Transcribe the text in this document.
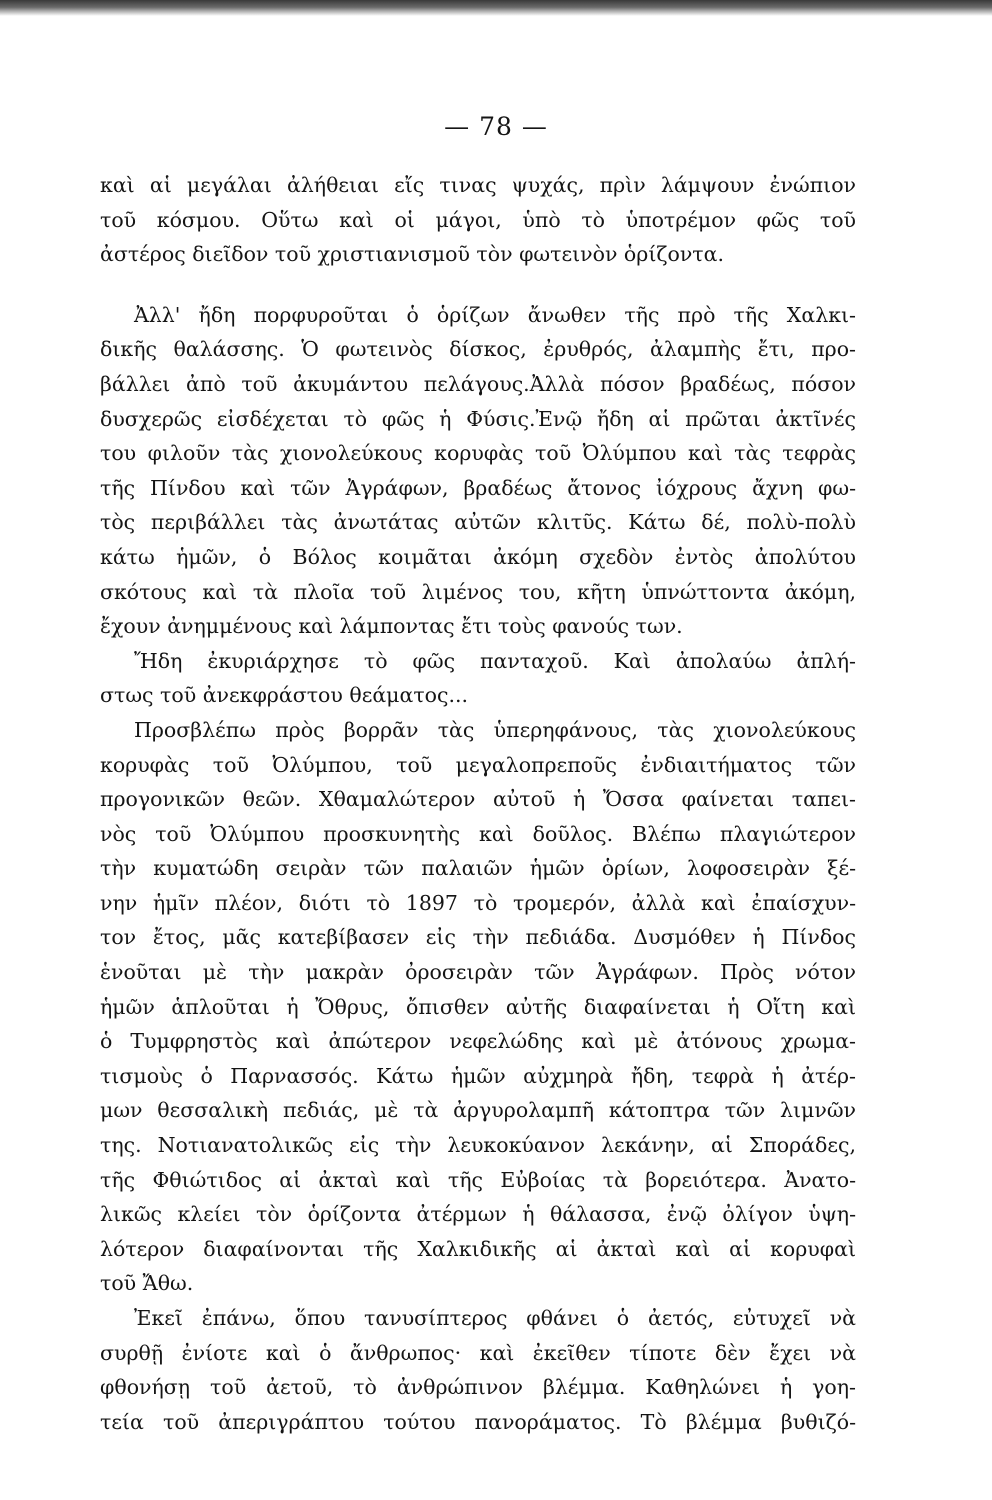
— 78 —
καὶ αἱ μεγάλαι ἀλήθειαι εἴς τινας ψυχάς, πρὶν λάμψουν ἐνώπιον
τοῦ κόσμου. Οὕτω καὶ οἱ μάγοι, ὑπὸ τὸ ὑποτρέμον φῶς τοῦ
ἀστέρος διεῖδον τοῦ χριστιανισμοῦ τὸν φωτεινὸν ὁρίζοντα.
Ἀλλ' ἤδη πορφυροῦται ὁ ὁρίζων ἄνωθεν τῆς πρὸ τῆς Χαλκι-
δικῆς θαλάσσης. Ὁ φωτεινὸς δίσκος, ἐρυθρός, ἀλαμπὴς ἔτι, προ-
βάλλει ἀπὸ τοῦ ἀκυμάντου πελάγους.Ἀλλὰ πόσον βραδέως, πόσον
δυσχερῶς εἰσδέχεται τὸ φῶς ἡ Φύσις.Ἐνῷ ἤδη αἱ πρῶται ἀκτῖνές
του φιλοῦν τὰς χιονολεύκους κορυφὰς τοῦ Ὀλύμπου καὶ τὰς τεφρὰς
τῆς Πίνδου καὶ τῶν Ἀγράφων, βραδέως ἄτονος ἰόχρους ἄχνη φω-
τὸς περιβάλλει τὰς ἀνωτάτας αὐτῶν κλιτῦς. Κάτω δέ, πολὺ-πολὺ
κάτω ἡμῶν, ὁ Βόλος κοιμᾶται ἀκόμη σχεδὸν ἐντὸς ἀπολύτου
σκότους καὶ τὰ πλοῖα τοῦ λιμένος του, κῆτη ὑπνώττοντα ἀκόμη,
ἔχουν ἀνημμένους καὶ λάμποντας ἔτι τοὺς φανούς των.
Ἤδη ἐκυριάρχησε τὸ φῶς πανταχοῦ. Καὶ ἀπολαύω ἀπλή-
στως τοῦ ἀνεκφράστου θεάματος...
Προσβλέπω πρὸς βορρᾶν τὰς ὑπερηφάνους, τὰς χιονολεύκους
κορυφὰς τοῦ Ὀλύμπου, τοῦ μεγαλοπρεποῦς ἐνδιαιτήματος τῶν
προγονικῶν θεῶν. Χθαμαλώτερον αὐτοῦ ἡ Ὄσσα φαίνεται ταπει-
νὸς τοῦ Ὀλύμπου προσκυνητὴς καὶ δοῦλος. Βλέπω πλαγιώτερον
τὴν κυματώδη σειρὰν τῶν παλαιῶν ἡμῶν ὁρίων, λοφοσειρὰν ξέ-
νην ἡμῖν πλέον, διότι τὸ 1897 τὸ τρομερόν, ἀλλὰ καὶ ἐπαίσχυν-
τον ἔτος, μᾶς κατεβίβασεν εἰς τὴν πεδιάδα. Δυσμόθεν ἡ Πίνδος
ἑνοῦται μὲ τὴν μακρὰν ὀροσειρὰν τῶν Ἀγράφων. Πρὸς νότον
ἡμῶν ἁπλοῦται ἡ Ὄθρυς, ὄπισθεν αὐτῆς διαφαίνεται ἡ Οἴτη καὶ
ὁ Τυμφρηστὸς καὶ ἀπώτερον νεφελώδης καὶ μὲ ἀτόνους χρωμα-
τισμοὺς ὁ Παρνασσός. Κάτω ἡμῶν αὐχμηρὰ ἤδη, τεφρὰ ἡ ἀτέρ-
μων θεσσαλικὴ πεδιάς, μὲ τὰ ἀργυρολαμπῆ κάτοπτρα τῶν λιμνῶν
της. Νοτιανατολικῶς εἰς τὴν λευκοκύανον λεκάνην, αἱ Σποράδες,
τῆς Φθιώτιδος αἱ ἀκταὶ καὶ τῆς Εὐβοίας τὰ βορειότερα. Ἀνατο-
λικῶς κλείει τὸν ὁρίζοντα ἀτέρμων ἡ θάλασσα, ἐνῷ ὀλίγον ὑψη-
λότερον διαφαίνονται τῆς Χαλκιδικῆς αἱ ἀκταὶ καὶ αἱ κορυφαὶ
τοῦ Ἄθω.
Ἐκεῖ ἐπάνω, ὅπου τανυσίπτερος φθάνει ὁ ἀετός, εὐτυχεῖ νὰ
συρθῇ ἐνίοτε καὶ ὁ ἄνθρωπος· καὶ ἐκεῖθεν τίποτε δὲν ἔχει νὰ
φθονήσῃ τοῦ ἀετοῦ, τὸ ἀνθρώπινον βλέμμα. Καθηλώνει ἡ γοη-
τεία τοῦ ἀπεριγράπτου τούτου πανοράματος. Τὸ βλέμμα βυθιζό-
